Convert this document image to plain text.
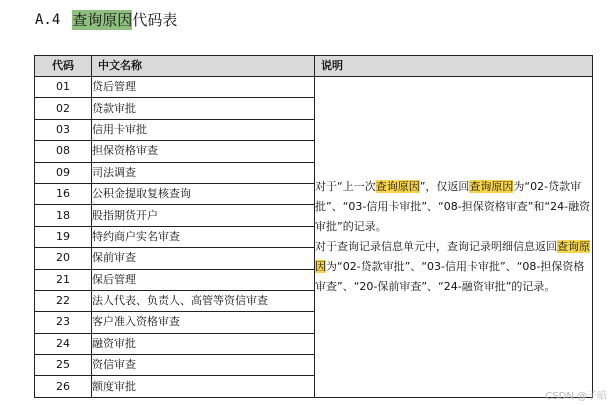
A.4 查询原因 代码表
代码	中文名称	说明
01	贷后管理	对于“上一次查询原因”，仅返回查询原因为“02-贷款审批”、“03-信用卡审批”、“08-担保资格审查”和“24-融资审批”的记录。

对于查询记录信息单元中，查询记录明细信息返回查询原因为“02-贷款审批”、“03-信用卡审批”、“08-担保资格审查”、“20-保前审查”、“24-融资审批”的记录。

02	贷款审批	
03	信用卡审批	
08	担保资格审查	
09	司法调查	
16	公积金提取复核查询	
18	股指期货开户	
19	特约商户实名审查	
20	保前审查	
21	保后管理	
22	法人代表、负责人、高管等资信审查	
23	客户准入资格审查	
24	融资审批	
25	资信审查	
26	额度审批	
CSDN @子暗
